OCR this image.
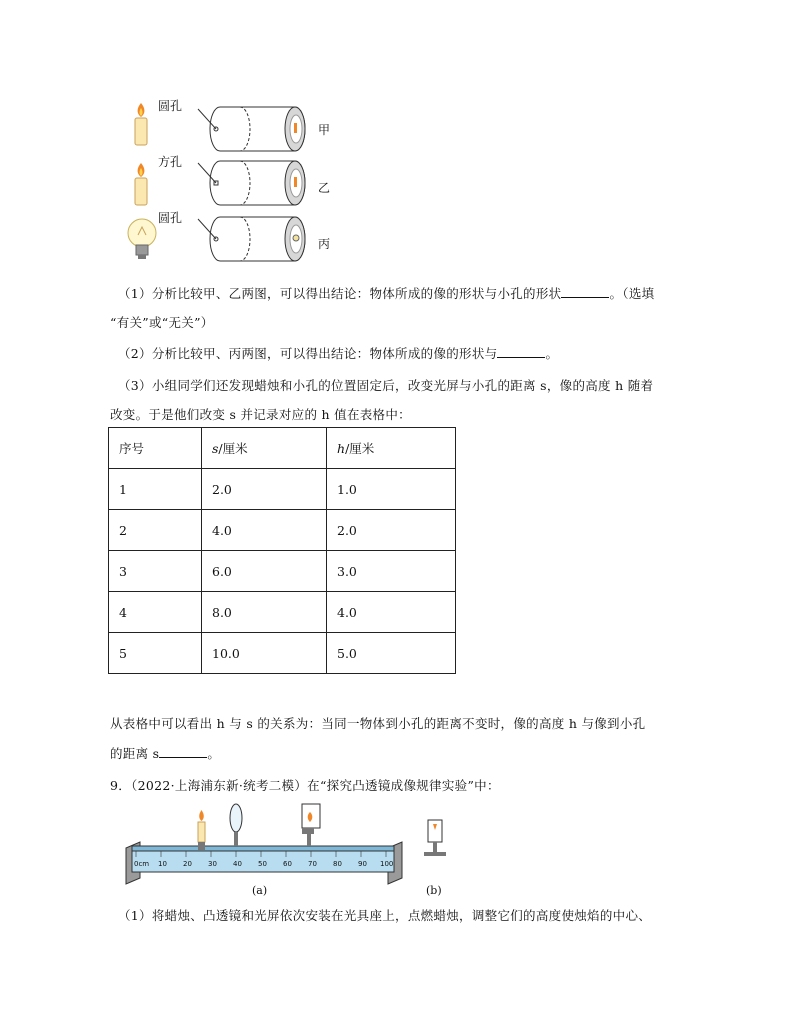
圆孔
方孔
圆孔
甲
乙
丙
（1）分析比较甲、乙两图，可以得出结论：物体所成的像的形状与小孔的形状	。（选填
“有关”或“无关”）
（2）分析比较甲、丙两图，可以得出结论：物体所成的像的形状与	。
（3）小组同学们还发现蜡烛和小孔的位置固定后，改变光屏与小孔的距离 s，像的高度 h 随着
改变。于是他们改变 s 并记录对应的 h 值在表格中：
序号	s/厘米	h/厘米
1	2.0	1.0
2	4.0	2.0
3	6.0	3.0
4	8.0	4.0
5	10.0	5.0
从表格中可以看出 h 与 s 的关系为：当同一物体到小孔的距离不变时，像的高度 h 与像到小孔
的距离 s	。
9．（2022·上海浦东新·统考二模）在“探究凸透镜成像规律实验”中：
0cm 10 20 30 40 50 60 70 80 90 100
(a)	(b)
（1）将蜡烛、凸透镜和光屏依次安装在光具座上，点燃蜡烛，调整它们的高度使烛焰的中心、
